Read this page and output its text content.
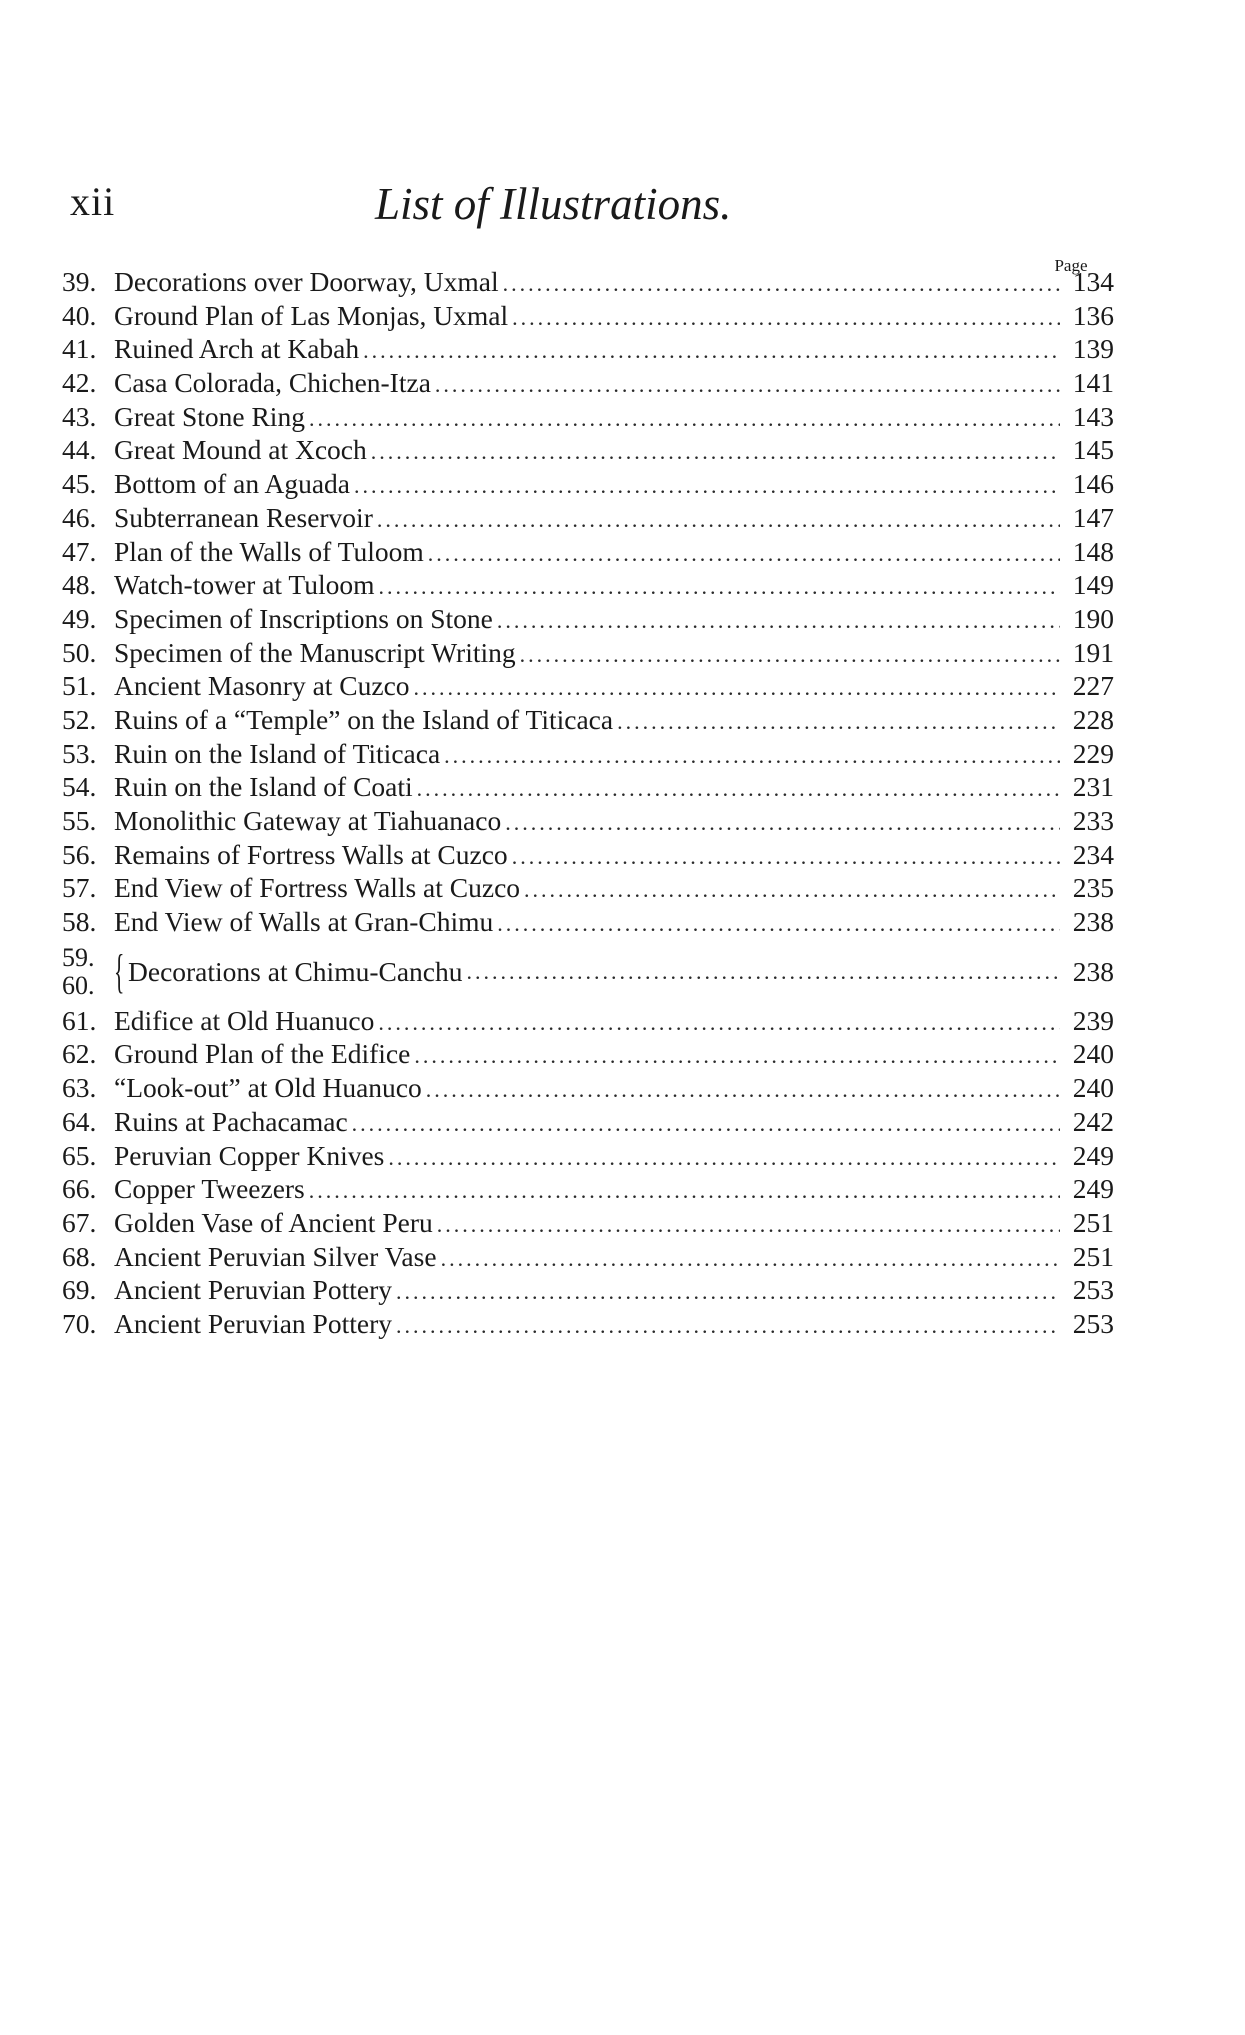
xii	List of Illustrations.
Page
39. Decorations over Doorway, Uxmal .....	134
40. Ground Plan of Las Monjas, Uxmal .....	136
41. Ruined Arch at Kabah .....	139
42. Casa Colorada, Chichen-Itza .....	141
43. Great Stone Ring .....	143
44. Great Mound at Xcoch .....	145
45. Bottom of an Aguada .....	146
46. Subterranean Reservoir .....	147
47. Plan of the Walls of Tuloom .....	148
48. Watch-tower at Tuloom .....	149
49. Specimen of Inscriptions on Stone .....	190
50. Specimen of the Manuscript Writing .....	191
51. Ancient Masonry at Cuzco .....	227
52. Ruins of a “Temple” on the Island of Titicaca .....	228
53. Ruin on the Island of Titicaca .....	229
54. Ruin on the Island of Coati .....	231
55. Monolithic Gateway at Tiahuanaco .....	233
56. Remains of Fortress Walls at Cuzco .....	234
57. End View of Fortress Walls at Cuzco .....	235
58. End View of Walls at Gran-Chimu .....	238
59.
60. { Decorations at Chimu-Canchu .....	238
61. Edifice at Old Huanuco .....	239
62. Ground Plan of the Edifice .....	240
63. “Look-out” at Old Huanuco .....	240
64. Ruins at Pachacamac .....	242
65. Peruvian Copper Knives .....	249
66. Copper Tweezers .....	249
67. Golden Vase of Ancient Peru .....	251
68. Ancient Peruvian Silver Vase .....	251
69. Ancient Peruvian Pottery .....	253
70. Ancient Peruvian Pottery .....	253
